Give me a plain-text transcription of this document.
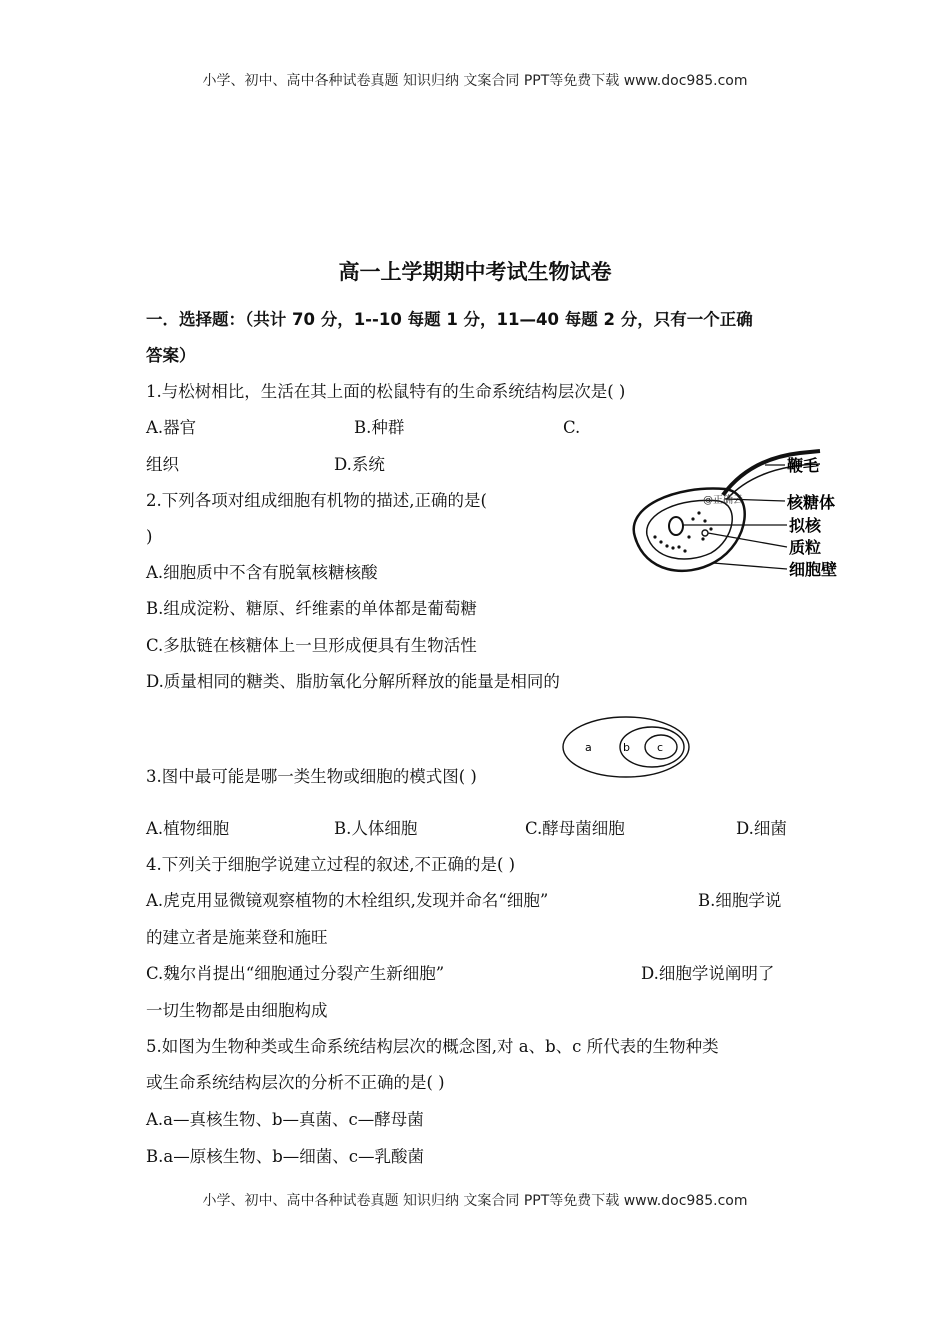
小学、初中、高中各种试卷真题 知识归纳 文案合同 PPT等免费下载 www.doc985.com
高一上学期期中考试生物试卷
一．选择题：（共计 70 分，1--10 每题 1 分，11—40 每题 2 分，只有一个正确
答案）
1.与松树相比，生活在其上面的松鼠特有的生命系统结构层次是( )
A.器官	B.种群	C.
组织	D.系统
2.下列各项对组成细胞有机物的描述,正确的是(
)
A.细胞质中不含有脱氧核糖核酸
B.组成淀粉、糖原、纤维素的单体都是葡萄糖
C.多肽链在核糖体上一旦形成便具有生物活性
D.质量相同的糖类、脂肪氧化分解所释放的能量是相同的
@正确云
鞭毛
核糖体
拟核
质粒
细胞壁
a	b c
3.图中最可能是哪一类生物或细胞的模式图( )
A.植物细胞	B.人体细胞	C.酵母菌细胞	D.细菌
4.下列关于细胞学说建立过程的叙述,不正确的是( )
A.虎克用显微镜观察植物的木栓组织,发现并命名“细胞”	B.细胞学说
的建立者是施莱登和施旺
C.魏尔肖提出“细胞通过分裂产生新细胞”	D.细胞学说阐明了
一切生物都是由细胞构成
5.如图为生物种类或生命系统结构层次的概念图,对 a、b、c 所代表的生物种类
或生命系统结构层次的分析不正确的是( )
A.a—真核生物、b—真菌、c—酵母菌
B.a—原核生物、b—细菌、c—乳酸菌
小学、初中、高中各种试卷真题 知识归纳 文案合同 PPT等免费下载 www.doc985.com
